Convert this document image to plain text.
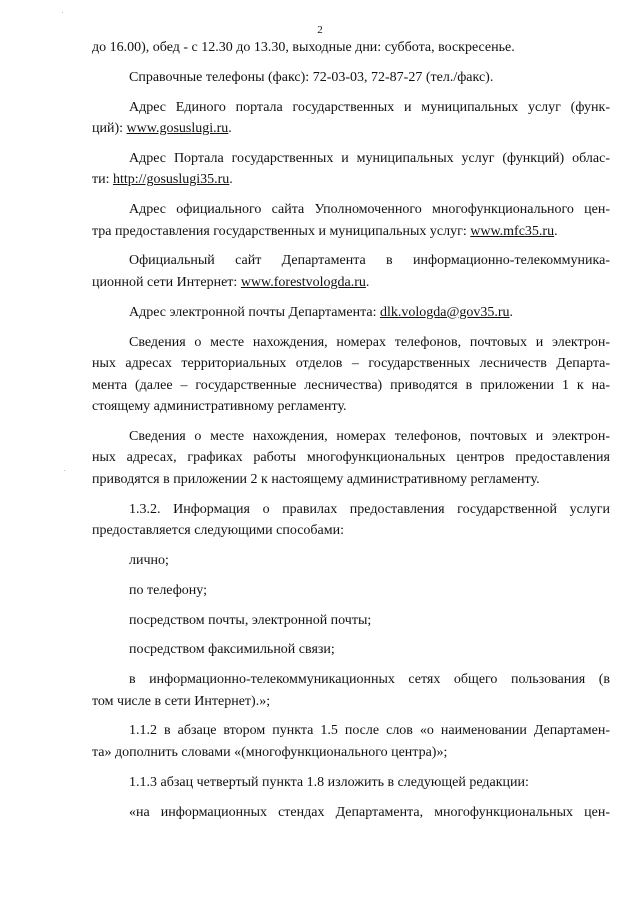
2

до 16.00), обед - с 12.30 до 13.30, выходные дни: суббота, воскресенье.

Справочные телефоны (факс): 72-03-03, 72-87-27 (тел./факс).

Адрес Единого портала государственных и муниципальных услуг (функ-
ций): www.gosuslugi.ru.

Адрес Портала государственных и муниципальных услуг (функций) облас-
ти: http://gosuslugi35.ru.

Адрес официального сайта Уполномоченного многофункционального цен-
тра предоставления государственных и муниципальных услуг: www.mfc35.ru.

Официальный сайт Департамента в информационно-телекоммуника-
ционной сети Интернет: www.forestvologda.ru.

Адрес электронной почты Департамента: dlk.vologda@gov35.ru.

Сведения о месте нахождения, номерах телефонов, почтовых и электрон-
ных адресах территориальных отделов – государственных лесничеств Департа-
мента (далее – государственные лесничества) приводятся в приложении 1 к на-
стоящему административному регламенту.

Сведения о месте нахождения, номерах телефонов, почтовых и электрон-
ных адресах, графиках работы многофункциональных центров предоставления
приводятся в приложении 2 к настоящему административному регламенту.

1.3.2. Информация о правилах предоставления государственной услуги
предоставляется следующими способами:

лично;

по телефону;

посредством почты, электронной почты;

посредством факсимильной связи;

в информационно-телекоммуникационных сетях общего пользования (в
том числе в сети Интернет).»;

1.1.2 в абзаце втором пункта 1.5 после слов «о наименовании Департамен-
та» дополнить словами «(многофункционального центра)»;

1.1.3 абзац четвертый пункта 1.8 изложить в следующей редакции:

«на информационных стендах Департамента, многофункциональных цен-
